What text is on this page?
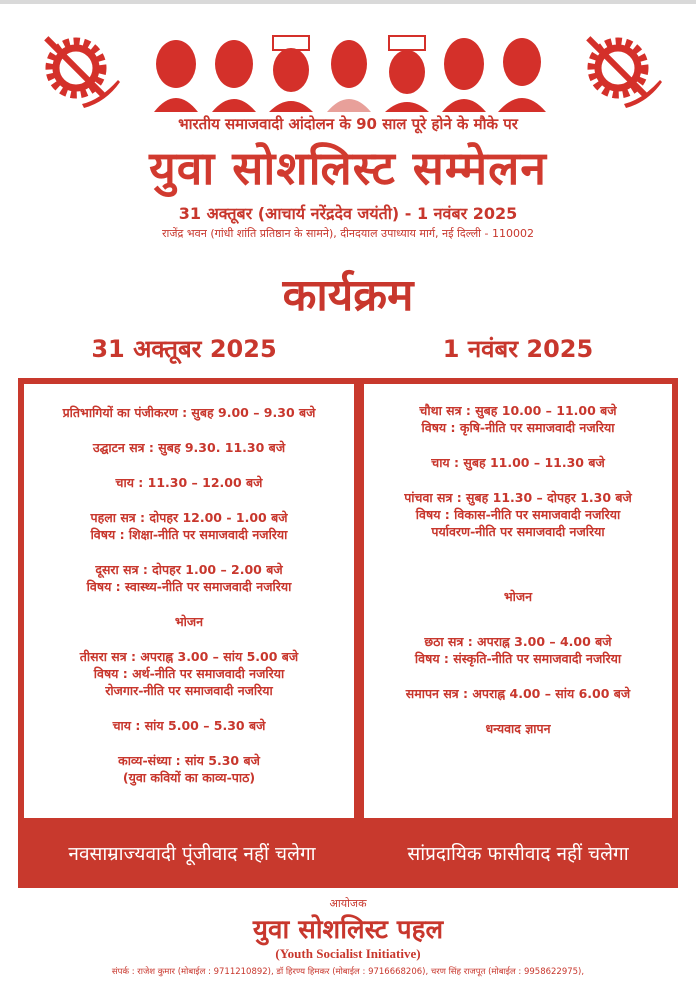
भारतीय समाजवादी आंदोलन के 90 साल पूरे होने के मौके पर
युवा सोशलिस्ट सम्मेलन
31 अक्तूबर (आचार्य नरेंद्रदेव जयंती) - 1 नवंबर 2025
राजेंद्र भवन (गांधी शांति प्रतिष्ठान के सामने), दीनदयाल उपाध्याय मार्ग, नई दिल्ली - 110002
कार्यक्रम
31 अक्तूबर 2025	1 नवंबर 2025
प्रतिभागियों का पंजीकरण : सुबह 9.00 – 9.30 बजे
उद्घाटन सत्र : सुबह 9.30. 11.30 बजे
चाय : 11.30 – 12.00 बजे
पहला सत्र : दोपहर 12.00 - 1.00 बजे
विषय : शिक्षा-नीति पर समाजवादी नजरिया
दूसरा सत्र : दोपहर 1.00 – 2.00 बजे
विषय : स्वास्थ्य-नीति पर समाजवादी नजरिया
भोजन
तीसरा सत्र : अपराह्न 3.00 – सांय 5.00 बजे
विषय : अर्थ-नीति पर समाजवादी नजरिया
रोजगार-नीति पर समाजवादी नजरिया
चाय : सांय 5.00 – 5.30 बजे
काव्य-संध्या : सांय 5.30 बजे
(युवा कवियों का काव्य-पाठ)
चौथा सत्र : सुबह 10.00 – 11.00 बजे
विषय : कृषि-नीति पर समाजवादी नजरिया
चाय : सुबह 11.00 – 11.30 बजे
पांचवा सत्र : सुबह 11.30 – दोपहर 1.30 बजे
विषय : विकास-नीति पर समाजवादी नजरिया
पर्यावरण-नीति पर समाजवादी नजरिया
भोजन
छठा सत्र : अपराह्न 3.00 – 4.00 बजे
विषय : संस्कृति-नीति पर समाजवादी नजरिया
समापन सत्र : अपराह्न 4.00 – सांय 6.00 बजे
धन्यवाद ज्ञापन
नवसाम्राज्यवादी पूंजीवाद नहीं चलेगा	सांप्रदायिक फासीवाद नहीं चलेगा
आयोजक
युवा सोशलिस्ट पहल
(Youth Socialist Initiative)
संपर्क : राजेश कुमार (मोबाईल : 9711210892), डॉ हिरण्य हिमकर (मोबाईल : 9716668206), चरण सिंह राजपूत (मोबाईल : 9958622975),
